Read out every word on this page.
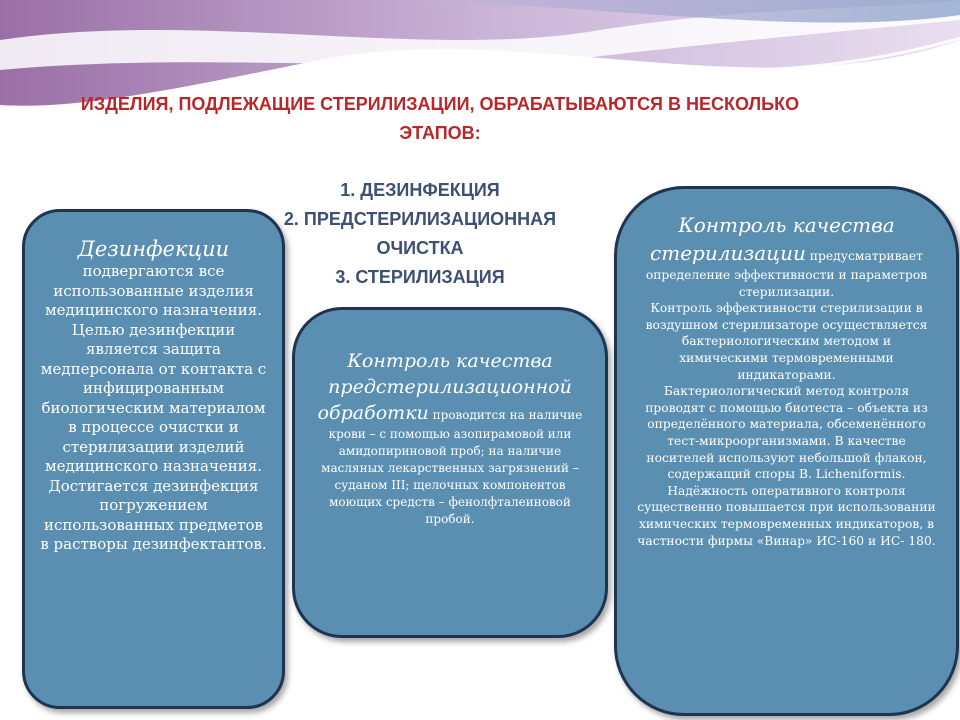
ИЗДЕЛИЯ, ПОДЛЕЖАЩИЕ СТЕРИЛИЗАЦИИ, ОБРАБАТЫВАЮТСЯ В НЕСКОЛЬКО
ЭТАПОВ:
1. ДЕЗИНФЕКЦИЯ
2. ПРЕДСТЕРИЛИЗАЦИОННАЯ
ОЧИСТКА
3. СТЕРИЛИЗАЦИЯ
Дезинфекции
подвергаются все использованные изделия медицинского назначения. Целью дезинфекции является защита медперсонала от контакта с инфицированным биологическим материалом в процессе очистки и стерилизации изделий медицинского назначения. Достигается дезинфекция погружением использованных предметов в растворы дезинфектантов.
Контроль качества предстерилизационной обработки проводится на наличие крови – с помощью азопирамовой или амидопириновой проб; на наличие масляных лекарственных загрязнений – суданом III; щелочных компонентов моющих средств – фенолфталеиновой пробой.
Контроль качества стерилизации предусматривает определение эффективности и параметров стерилизации.
Контроль эффективности стерилизации в воздушном стерилизаторе осуществляется бактериологическим методом и химическими термовременными индикаторами.
Бактериологический метод контроля проводят с помощью биотеста – объекта из определённого материала, обсеменённого тест-микроорганизмами. В качестве носителей используют небольшой флакон, содержащий споры B. Licheniformis.
Надёжность оперативного контроля существенно повышается при использовании химических термовременных индикаторов, в частности фирмы «Винар» ИС-160 и ИС- 180.
